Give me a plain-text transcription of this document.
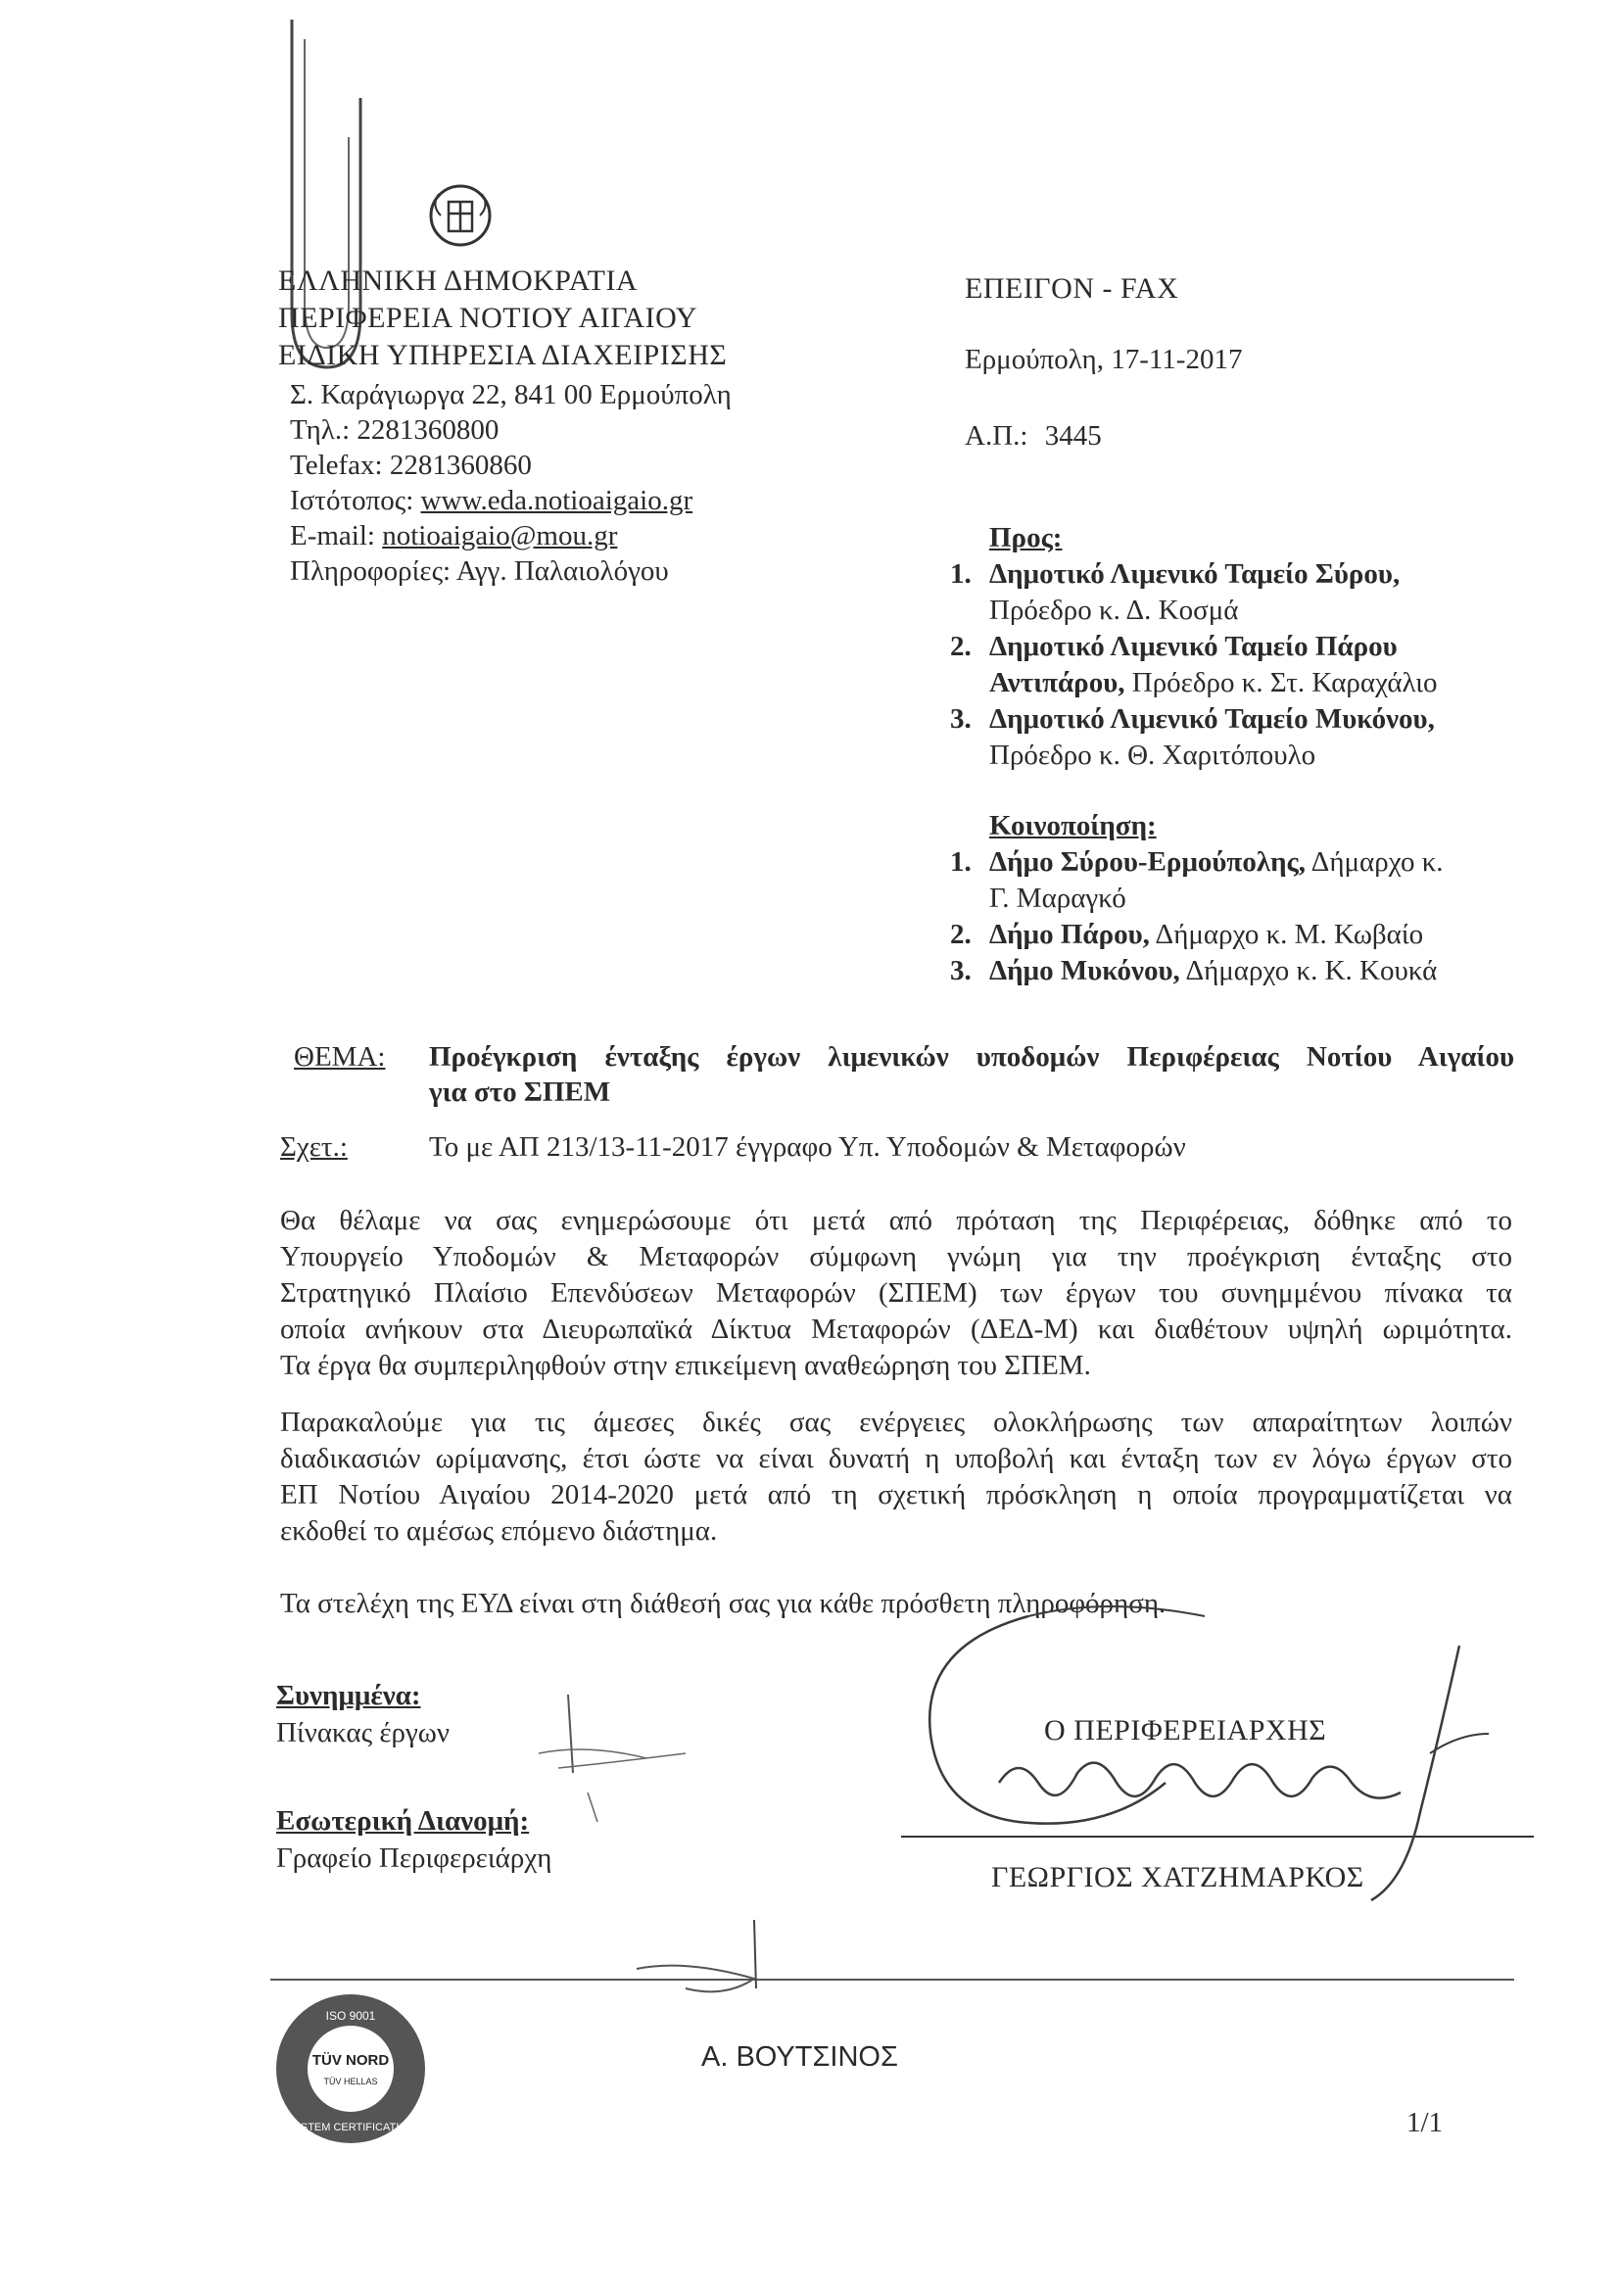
ΕΛΛΗΝΙΚΗ ΔΗΜΟΚΡΑΤΙΑ
ΠΕΡΙΦΕΡΕΙΑ ΝΟΤΙΟΥ ΑΙΓΑΙΟΥ
ΕΙΔΙΚΗ ΥΠΗΡΕΣΙΑ ΔΙΑΧΕΙΡΙΣΗΣ
Σ. Καράγιωργα 22, 841 00 Ερμούπολη
Τηλ.: 2281360800
Telefax: 2281360860
Ιστότοπος: www.eda.notioaigaio.gr
E-mail: notioaigaio@mou.gr
Πληροφορίες: Αγγ. Παλαιολόγου
ΕΠΕΙΓΟΝ - FAX
Ερμούπολη, 17-11-2017
Α.Π.: 3445
Προς:
1. Δημοτικό Λιμενικό Ταμείο Σύρου,
Πρόεδρο κ. Δ. Κοσμά
2. Δημοτικό Λιμενικό Ταμείο Πάρου
Αντιπάρου, Πρόεδρο κ. Στ. Καραχάλιο
3. Δημοτικό Λιμενικό Ταμείο Μυκόνου,
Πρόεδρο κ. Θ. Χαριτόπουλο
Κοινοποίηση:
1. Δήμο Σύρου-Ερμούπολης, Δήμαρχο κ.
Γ. Μαραγκό
2. Δήμο Πάρου, Δήμαρχο κ. Μ. Κωβαίο
3. Δήμο Μυκόνου, Δήμαρχο κ. Κ. Κουκά
ΘΕΜΑ: Προέγκριση ένταξης έργων λιμενικών υποδομών Περιφέρειας Νοτίου Αιγαίου
για στο ΣΠΕΜ
Σχετ.:	Το με ΑΠ 213/13-11-2017 έγγραφο Υπ. Υποδομών & Μεταφορών
Θα θέλαμε να σας ενημερώσουμε ότι μετά από πρόταση της Περιφέρειας, δόθηκε από το
Υπουργείο Υποδομών & Μεταφορών σύμφωνη γνώμη για την προέγκριση ένταξης στο
Στρατηγικό Πλαίσιο Επενδύσεων Μεταφορών (ΣΠΕΜ) των έργων του συνημμένου πίνακα τα
οποία ανήκουν στα Διευρωπαϊκά Δίκτυα Μεταφορών (ΔΕΔ-Μ) και διαθέτουν υψηλή ωριμότητα.
Τα έργα θα συμπεριληφθούν στην επικείμενη αναθεώρηση του ΣΠΕΜ.
Παρακαλούμε για τις άμεσες δικές σας ενέργειες ολοκλήρωσης των απαραίτητων λοιπών
διαδικασιών ωρίμανσης, έτσι ώστε να είναι δυνατή η υποβολή και ένταξη των εν λόγω έργων στο
ΕΠ Νοτίου Αιγαίου 2014-2020 μετά από τη σχετική πρόσκληση η οποία προγραμματίζεται να
εκδοθεί το αμέσως επόμενο διάστημα.
Τα στελέχη της ΕΥΔ είναι στη διάθεσή σας για κάθε πρόσθετη πληροφόρηση.
Συνημμένα:
Πίνακας έργων
Εσωτερική Διανομή:
Γραφείο Περιφερειάρχη
Ο ΠΕΡΙΦΕΡΕΙΑΡΧΗΣ
ΓΕΩΡΓΙΟΣ ΧΑΤΖΗΜΑΡΚΟΣ
TÜV NORD
TÜV HELLAS
ISO 9001
SYSTEM CERTIFICATION
Α. ΒΟΥΤΣΙΝΟΣ
1/1
